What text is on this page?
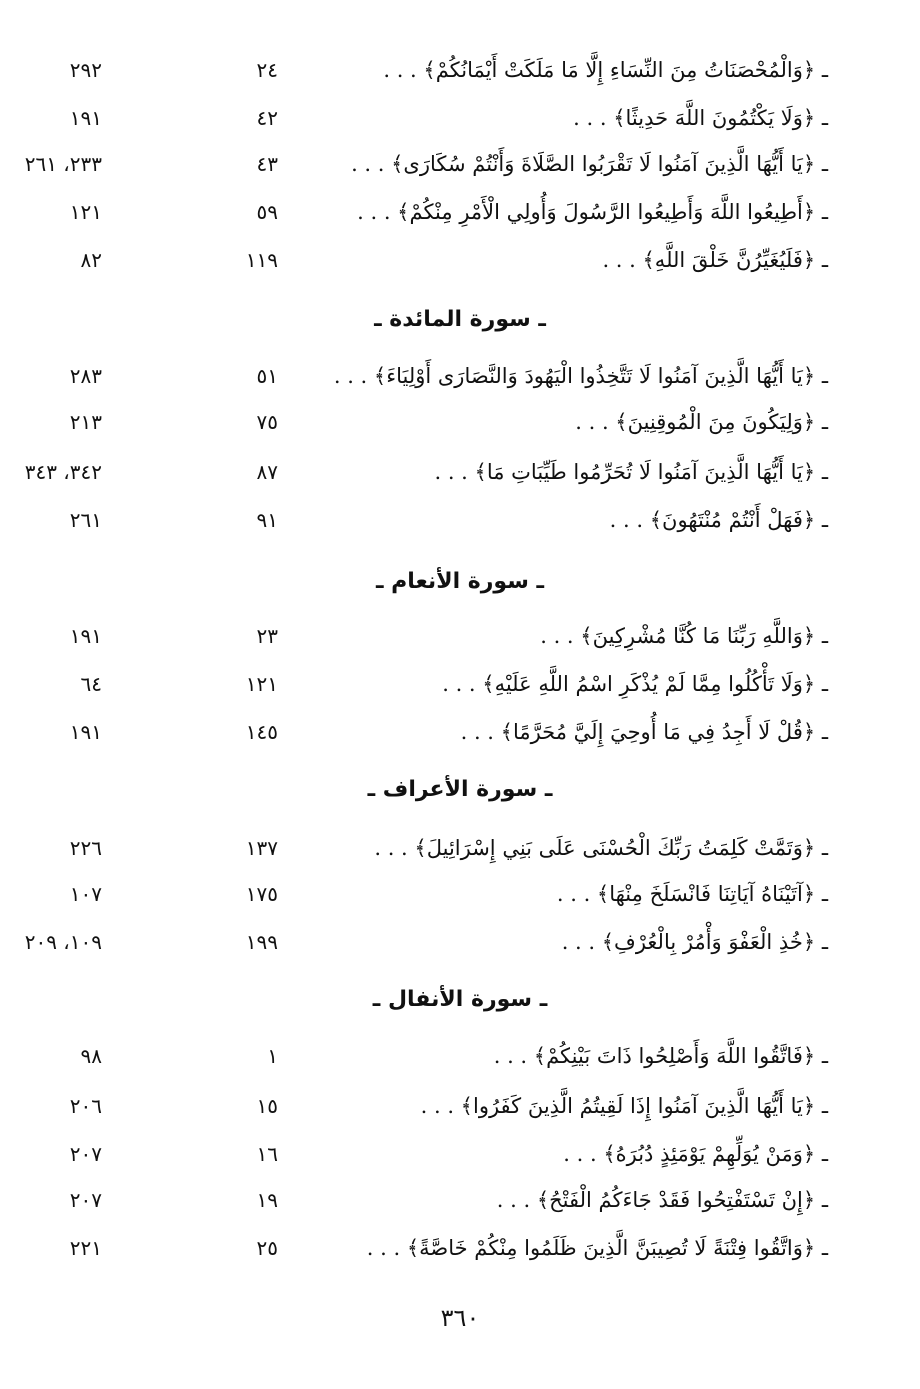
ـ ﴿وَالْمُحْصَنَاتُ مِنَ النِّسَاءِ إِلَّا مَا مَلَكَتْ أَيْمَانُكُمْ﴾ . . .
٢٤
٢٩٢
ـ ﴿وَلَا يَكْتُمُونَ اللَّهَ حَدِيثًا﴾ . . .
٤٢
١٩١
ـ ﴿يَا أَيُّهَا الَّذِينَ آمَنُوا لَا تَقْرَبُوا الصَّلَاةَ وَأَنْتُمْ سُكَارَى﴾ . . .
٤٣
٢٣٣، ٢٦١
ـ ﴿أَطِيعُوا اللَّهَ وَأَطِيعُوا الرَّسُولَ وَأُولِي الْأَمْرِ مِنْكُمْ﴾ . . .
٥٩
١٢١
ـ ﴿فَلَيُغَيِّرُنَّ خَلْقَ اللَّهِ﴾ . . .
١١٩
٨٢
ـ سورة المائدة ـ
ـ ﴿يَا أَيُّهَا الَّذِينَ آمَنُوا لَا تَتَّخِذُوا الْيَهُودَ وَالنَّصَارَى أَوْلِيَاءَ﴾ . . .
٥١
٢٨٣
ـ ﴿وَلِيَكُونَ مِنَ الْمُوقِنِينَ﴾ . . .
٧٥
٢١٣
ـ ﴿يَا أَيُّهَا الَّذِينَ آمَنُوا لَا تُحَرِّمُوا طَيِّبَاتِ مَا﴾ . . .
٨٧
٣٤٢، ٣٤٣
ـ ﴿فَهَلْ أَنْتُمْ مُنْتَهُونَ﴾ . . .
٩١
٢٦١
ـ سورة الأنعام ـ
ـ ﴿وَاللَّهِ رَبِّنَا مَا كُنَّا مُشْرِكِينَ﴾ . . .
٢٣
١٩١
ـ ﴿وَلَا تَأْكُلُوا مِمَّا لَمْ يُذْكَرِ اسْمُ اللَّهِ عَلَيْهِ﴾ . . .
١٢١
٦٤
ـ ﴿قُلْ لَا أَجِدُ فِي مَا أُوحِيَ إِلَيَّ مُحَرَّمًا﴾ . . .
١٤٥
١٩١
ـ سورة الأعراف ـ
ـ ﴿وَتَمَّتْ كَلِمَتُ رَبِّكَ الْحُسْنَى عَلَى بَنِي إِسْرَائِيلَ﴾ . . .
١٣٧
٢٢٦
ـ ﴿آتَيْنَاهُ آيَاتِنَا فَانْسَلَخَ مِنْهَا﴾ . . .
١٧٥
١٠٧
ـ ﴿خُذِ الْعَفْوَ وَأْمُرْ بِالْعُرْفِ﴾ . . .
١٩٩
١٠٩، ٢٠٩
ـ سورة الأنفال ـ
ـ ﴿فَاتَّقُوا اللَّهَ وَأَصْلِحُوا ذَاتَ بَيْنِكُمْ﴾ . . .
١
٩٨
ـ ﴿يَا أَيُّهَا الَّذِينَ آمَنُوا إِذَا لَقِيتُمُ الَّذِينَ كَفَرُوا﴾ . . .
١٥
٢٠٦
ـ ﴿وَمَنْ يُوَلِّهِمْ يَوْمَئِذٍ دُبُرَهُ﴾ . . .
١٦
٢٠٧
ـ ﴿إِنْ تَسْتَفْتِحُوا فَقَدْ جَاءَكُمُ الْفَتْحُ﴾ . . .
١٩
٢٠٧
ـ ﴿وَاتَّقُوا فِتْنَةً لَا تُصِيبَنَّ الَّذِينَ ظَلَمُوا مِنْكُمْ خَاصَّةً﴾ . . .
٢٥
٢٢١
٣٦٠
